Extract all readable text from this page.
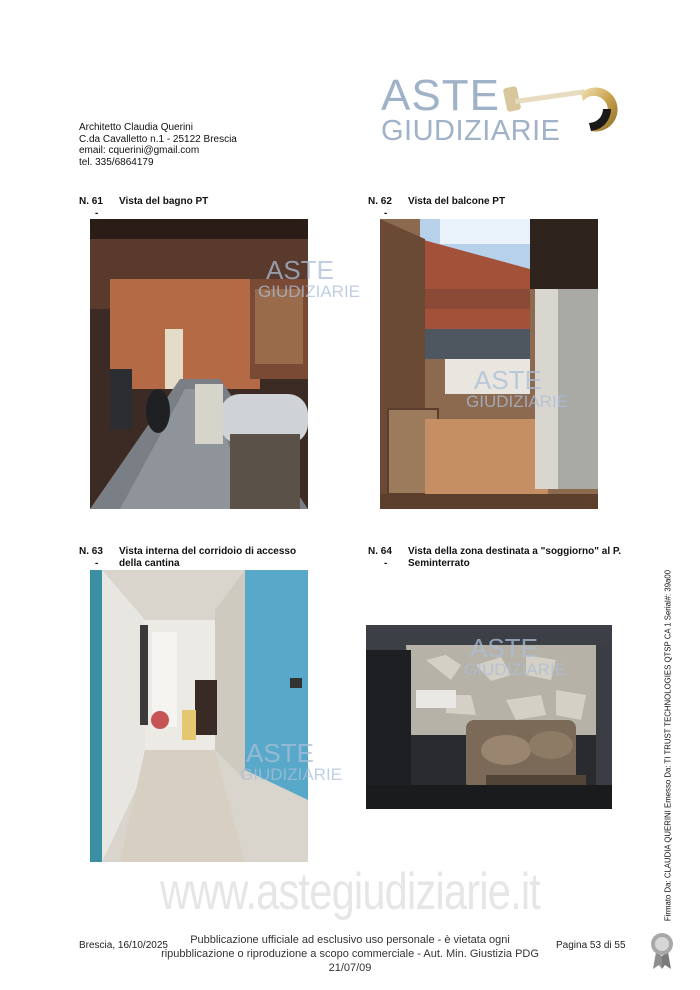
Architetto Claudia Querini
C.da Cavalletto n.1 - 25122 Brescia
email: cquerini@gmail.com
tel. 335/6864179
ASTE
GIUDIZIARIE
N. 61
-
Vista del bagno PT
ASTE
GIUDIZIARIE
N. 62
-
Vista del balcone PT
ASTE
GIUDIZIARIE
N. 63
-
Vista interna del corridoio di accesso della cantina
ASTE
GIUDIZIARIE
N. 64
-
Vista della zona destinata a "soggiorno" al P. Seminterrato
ASTE
GIUDIZIARIE
www.astegiudiziarie.it
Brescia, 16/10/2025	Pubblicazione ufficiale ad esclusivo uso personale - è vietata ogni
ripubblicazione o riproduzione a scopo commerciale - Aut. Min. Giustizia PDG 21/07/09
Pagina 53 di 55
Firmato Da: CLAUDIA QUERINI Emesso Da: TI TRUST TECHNOLOGIES QTSP CA 1 Serial#: 39a00
